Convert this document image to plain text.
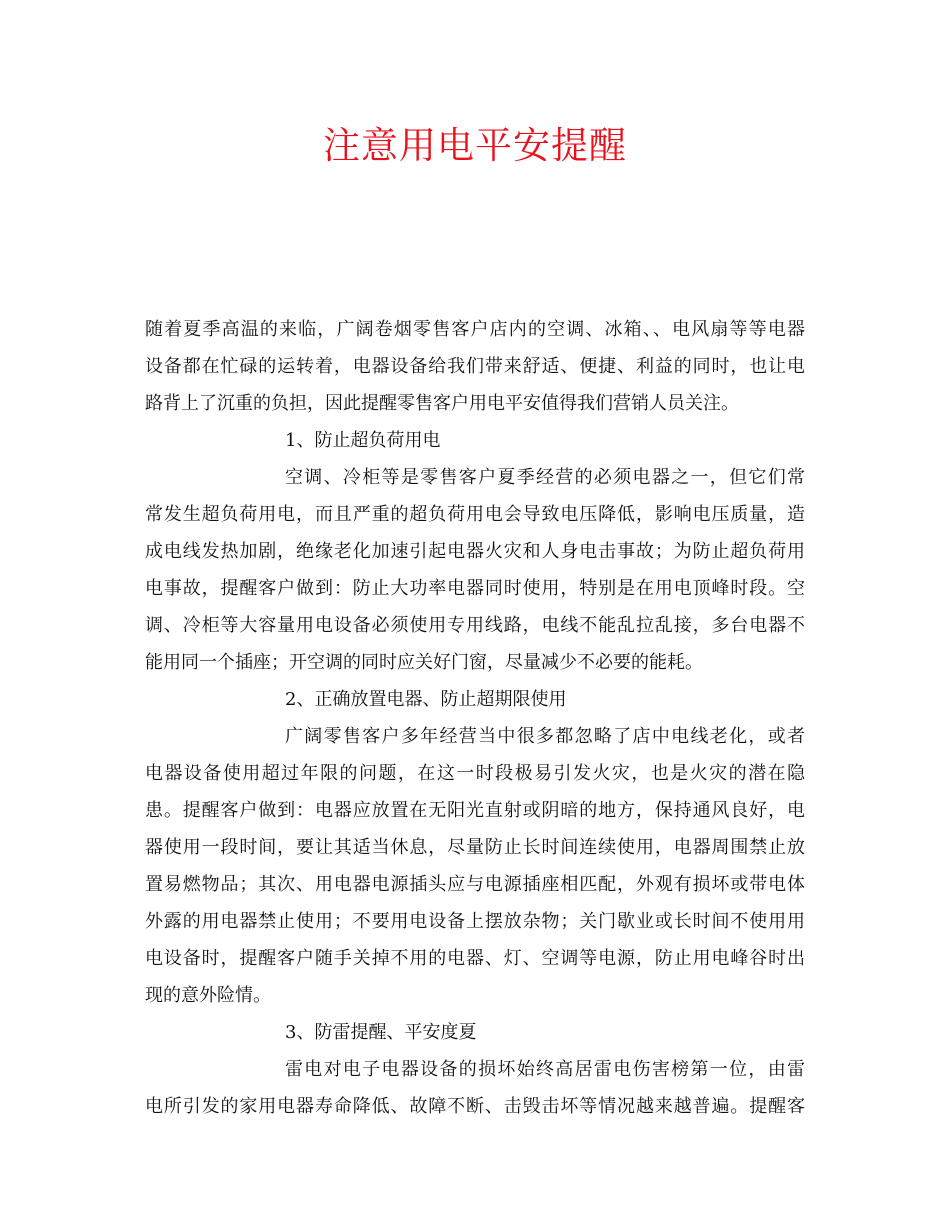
注意用电平安提醒

随着夏季高温的来临，广阔卷烟零售客户店内的空调、冰箱、、电风扇等等电器

设备都在忙碌的运转着，电器设备给我们带来舒适、便捷、利益的同时，也让电

路背上了沉重的负担，因此提醒零售客户用电平安值得我们营销人员关注。

1、防止超负荷用电

空调、冷柜等是零售客户夏季经营的必须电器之一，但它们常

常发生超负荷用电，而且严重的超负荷用电会导致电压降低，影响电压质量，造

成电线发热加剧，绝缘老化加速引起电器火灾和人身电击事故；为防止超负荷用

电事故，提醒客户做到：防止大功率电器同时使用，特别是在用电顶峰时段。空

调、冷柜等大容量用电设备必须使用专用线路，电线不能乱拉乱接，多台电器不

能用同一个插座；开空调的同时应关好门窗，尽量减少不必要的能耗。

2、正确放置电器、防止超期限使用

广阔零售客户多年经营当中很多都忽略了店中电线老化，或者

电器设备使用超过年限的问题，在这一时段极易引发火灾，也是火灾的潜在隐

患。提醒客户做到：电器应放置在无阳光直射或阴暗的地方，保持通风良好，电

器使用一段时间，要让其适当休息，尽量防止长时间连续使用，电器周围禁止放

置易燃物品；其次、用电器电源插头应与电源插座相匹配，外观有损坏或带电体

外露的用电器禁止使用；不要用电设备上摆放杂物；关门歇业或长时间不使用用

电设备时，提醒客户随手关掉不用的电器、灯、空调等电源，防止用电峰谷时出

现的意外险情。

3、防雷提醒、平安度夏

雷电对电子电器设备的损坏始终高居雷电伤害榜第一位，由雷

电所引发的家用电器寿命降低、故障不断、击毁击坏等情况越来越普遍。提醒客
